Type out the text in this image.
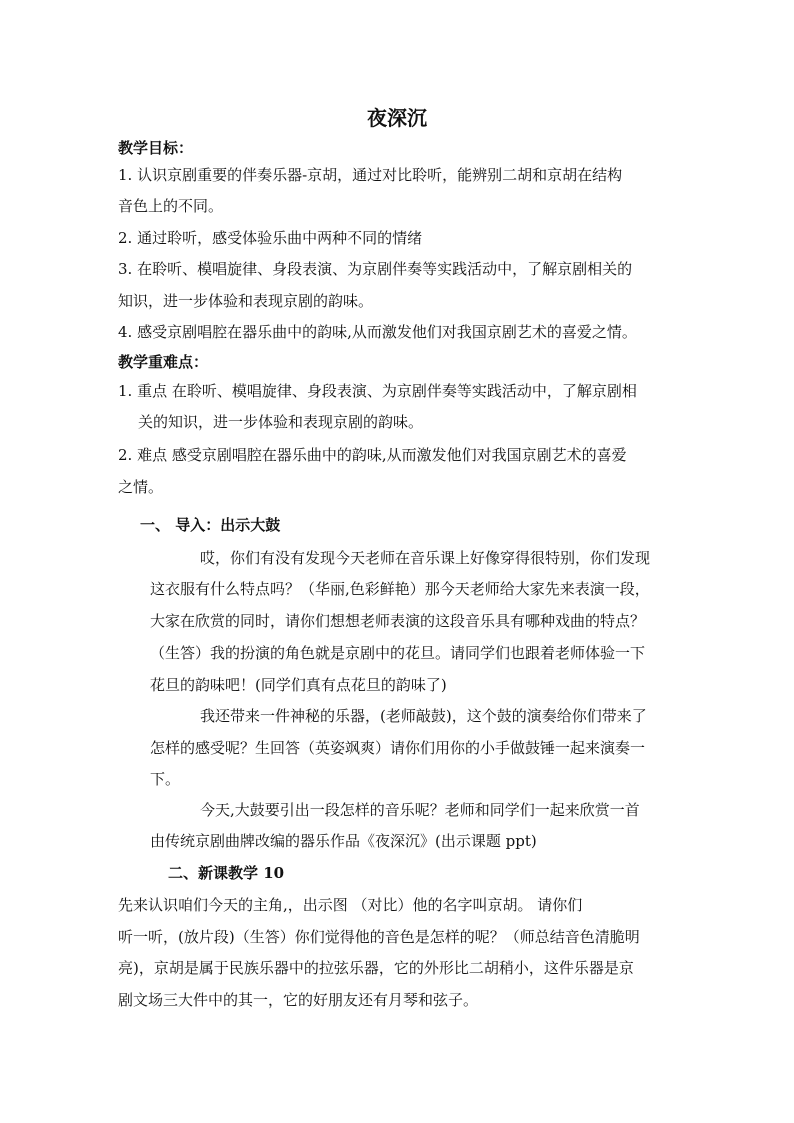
夜深沉
教学目标：
1. 认识京剧重要的伴奏乐器-京胡，通过对比聆听，能辨别二胡和京胡在结构
音色上的不同。
2. 通过聆听，感受体验乐曲中两种不同的情绪
3. 在聆听、模唱旋律、身段表演、为京剧伴奏等实践活动中，了解京剧相关的
知识，进一步体验和表现京剧的韵味。
4. 感受京剧唱腔在器乐曲中的韵味,从而激发他们对我国京剧艺术的喜爱之情。
教学重难点：
1. 重点 在聆听、模唱旋律、身段表演、为京剧伴奏等实践活动中，了解京剧相
关的知识，进一步体验和表现京剧的韵味。
2. 难点 感受京剧唱腔在器乐曲中的韵味,从而激发他们对我国京剧艺术的喜爱
之情。
一、 导入：出示大鼓
哎，你们有没有发现今天老师在音乐课上好像穿得很特别，你们发现
这衣服有什么特点吗？（华丽,色彩鲜艳）那今天老师给大家先来表演一段，
大家在欣赏的同时，请你们想想老师表演的这段音乐具有哪种戏曲的特点？
（生答）我的扮演的角色就是京剧中的花旦。请同学们也跟着老师体验一下
花旦的韵味吧！(同学们真有点花旦的韵味了)
我还带来一件神秘的乐器，(老师敲鼓)，这个鼓的演奏给你们带来了
怎样的感受呢？生回答（英姿飒爽）请你们用你的小手做鼓锤一起来演奏一
下。
今天,大鼓要引出一段怎样的音乐呢？老师和同学们一起来欣赏一首
由传统京剧曲牌改编的器乐作品《夜深沉》(出示课题 ppt)
二、新课教学 10
先来认识咱们今天的主角,，出示图 （对比）他的名字叫京胡。 请你们
听一听，(放片段)（生答）你们觉得他的音色是怎样的呢？（师总结音色清脆明
亮)，京胡是属于民族乐器中的拉弦乐器，它的外形比二胡稍小，这件乐器是京
剧文场三大件中的其一，它的好朋友还有月琴和弦子。
